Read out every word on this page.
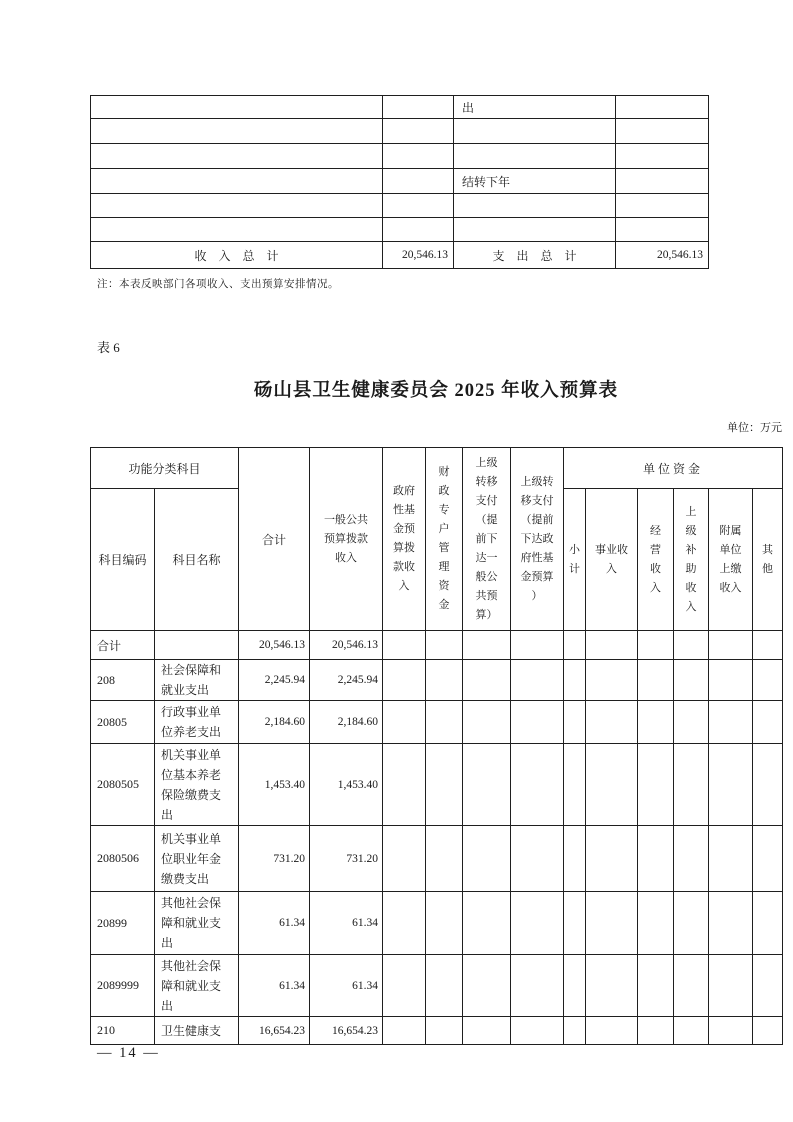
		出	

		结转下年	

收　入　总　计	20,546.13	支　出　总　计	20,546.13
注：本表反映部门各项收入、支出预算安排情况。
表 6
砀山县卫生健康委员会 2025 年收入预算表
单位：万元
功能分类科目		合计	一般公共预算拨款收入	政府性基金预算拨款收入	财政专户管理资金	上级转移支付（提前下达一般公共预算）	上级转移支付（提前下达政府性基金预算）	单位资金					
科目编码	科目名称							小计	事业收入	经营收入	上级补助收入	附属单位上缴收入	其他

合计		20,546.13	20,546.13										
208	社会保障和就业支出	2,245.94	2,245.94										
20805	行政事业单位养老支出	2,184.60	2,184.60										
2080505	机关事业单位基本养老保险缴费支出	1,453.40	1,453.40										
2080506	机关事业单位职业年金缴费支出	731.20	731.20										
20899	其他社会保障和就业支出	61.34	61.34										
2089999	其他社会保障和就业支出	61.34	61.34										
210	卫生健康支	16,654.23	16,654.23										
— 14 —
